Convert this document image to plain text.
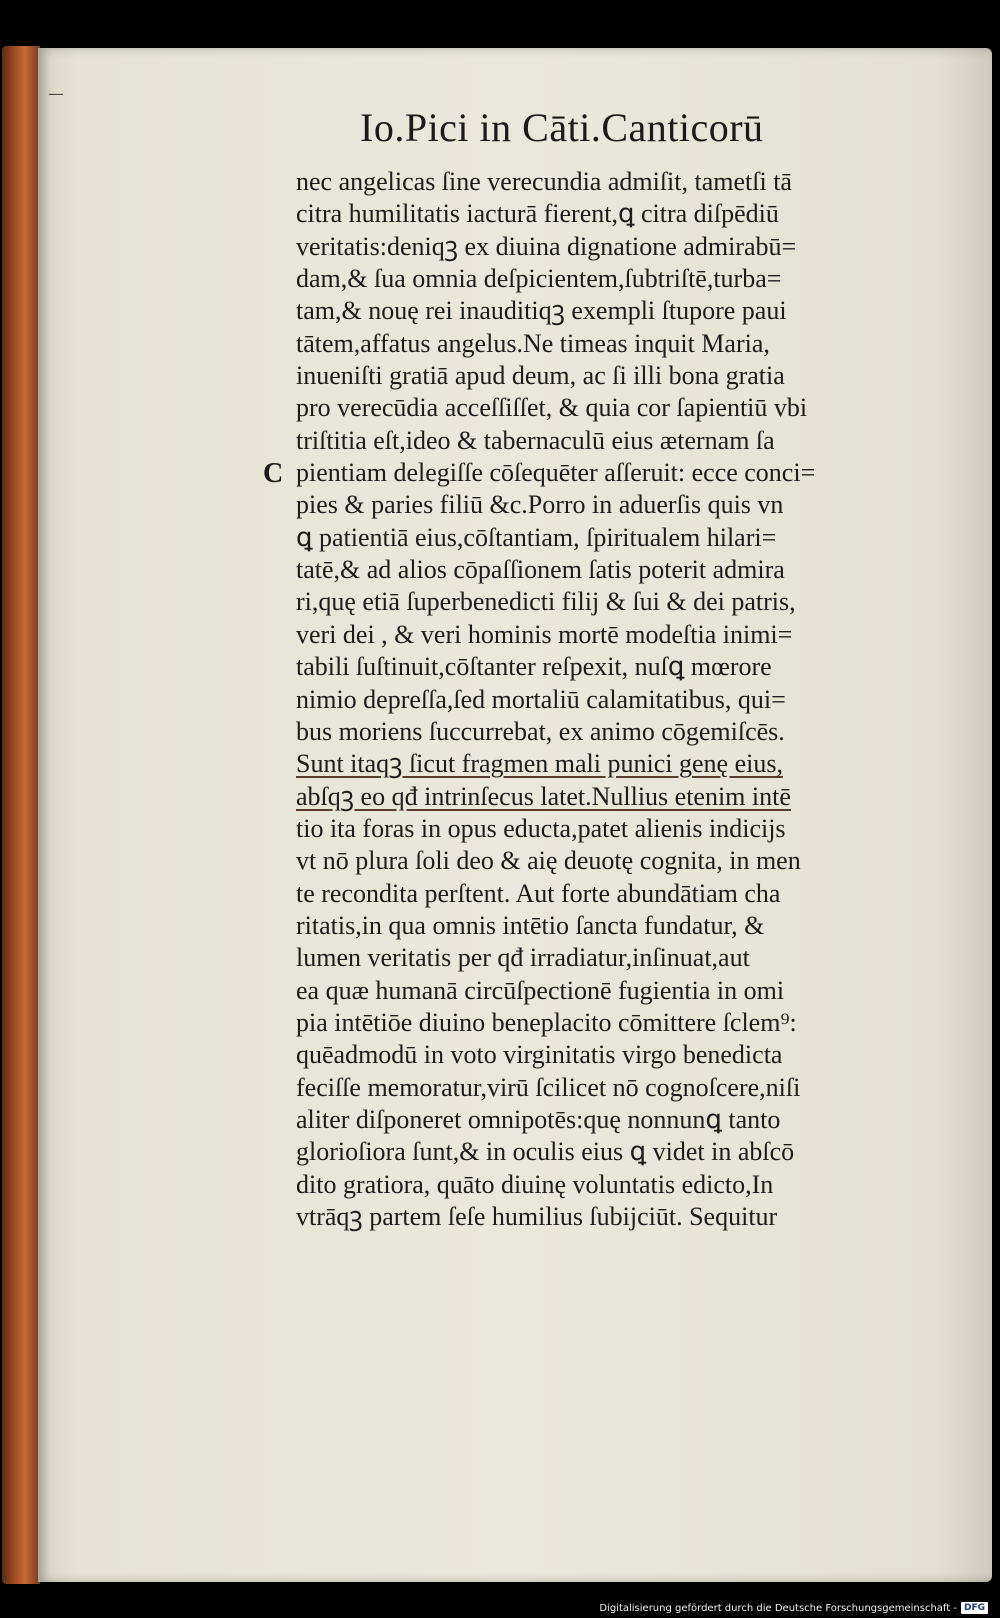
—
Io.Pici in Cāti.Canticorū
C
nec angelicas ſine verecundia admiſit, tametſi tā
citra humilitatis iacturā fierent,ꝗ citra diſpēdiū
veritatis:deniqꝫ ex diuina dignatione admirabū=
dam,& ſua omnia deſpicientem,ſubtriſtē,turba=
tam,& nouę rei inauditiqꝫ exempli ſtupore paui
tātem,affatus angelus.Ne timeas inquit Maria,
inueniſti gratiā apud deum, ac ſi illi bona gratia
pro verecūdia acceſſiſſet, & quia cor ſapientiū vbi
triſtitia eſt,ideo & tabernaculū eius æternam ſa
pientiam delegiſſe cōſequēter aſſeruit: ecce conci=
pies & paries filiū &c.Porro in aduerſis quis vn
ꝗ patientiā eius,cōſtantiam, ſpiritualem hilari=
tatē,& ad alios cōpaſſionem ſatis poterit admira
ri,quę etiā ſuperbenedicti filij & ſui & dei patris,
veri dei , & veri hominis mortē modeſtia inimi=
tabili ſuſtinuit,cōſtanter reſpexit, nuſꝗ mœrore
nimio depreſſa,ſed mortaliū calamitatibus, qui=
bus moriens ſuccurrebat, ex animo cōgemiſcēs.
Sunt itaqꝫ ſicut fragmen mali punici genę eius,
abſqꝫ eo qđ intrinſecus latet.Nullius etenim intē
tio ita foras in opus educta,patet alienis indicijs
vt nō plura ſoli deo & aię deuotę cognita, in men
te recondita perſtent. Aut forte abundātiam cha
ritatis,in qua omnis intētio ſancta fundatur, &
lumen veritatis per qđ irradiatur,inſinuat,aut
ea quæ humanā circūſpectionē fugientia in omi
pia intētiōe diuino beneplacito cōmittere ſclem⁹:
quēadmodū in voto virginitatis virgo benedicta
feciſſe memoratur,virū ſcilicet nō cognoſcere,niſi
aliter diſponeret omnipotēs:quę nonnunꝗ tanto
glorioſiora ſunt,& in oculis eius ꝗ videt in abſcō
dito gratiora, quāto diuinę voluntatis edicto,In
vtrāqꝫ partem ſeſe humilius ſubijciūt. Sequitur
Digitalisierung gefördert durch die Deutsche Forschungsgemeinschaft - DFG
